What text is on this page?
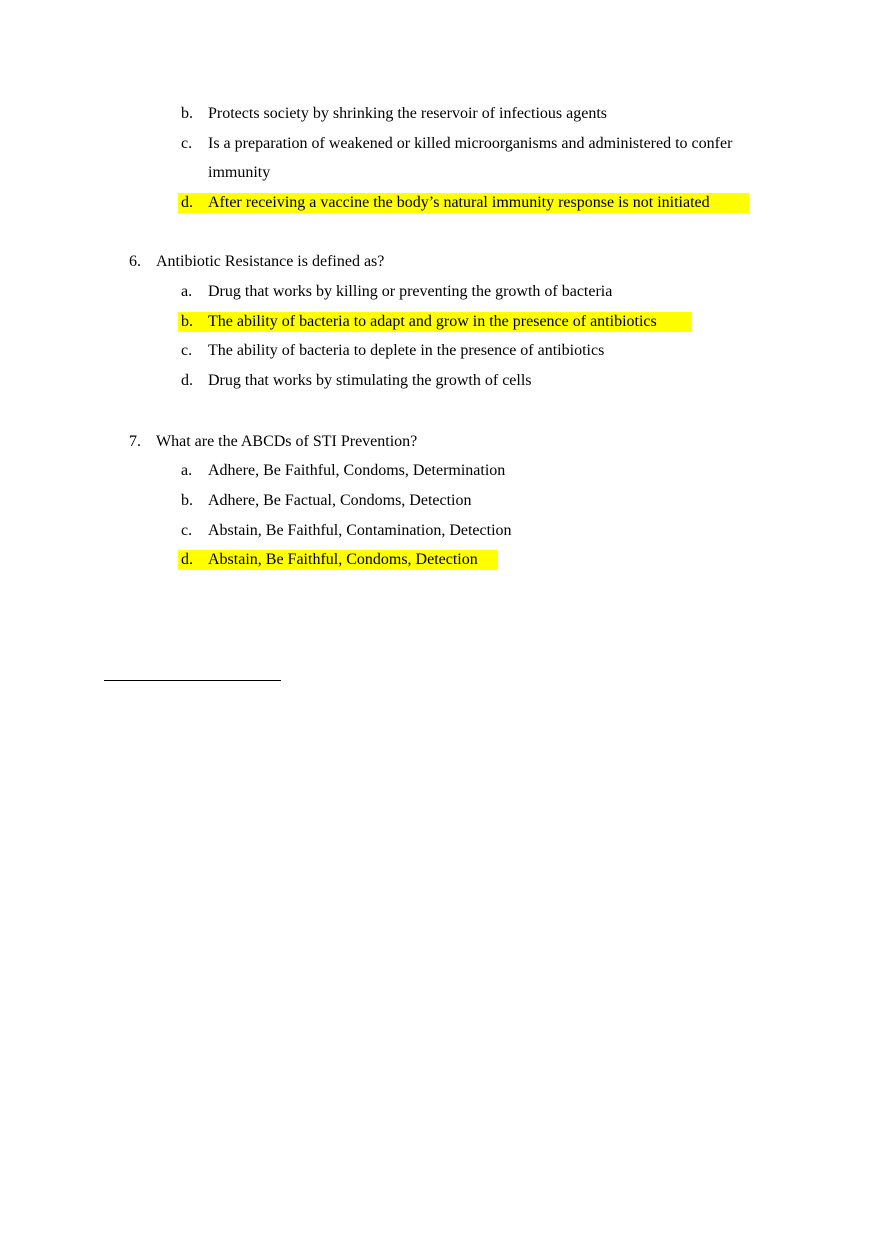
b. Protects society by shrinking the reservoir of infectious agents
c. Is a preparation of weakened or killed microorganisms and administered to confer
immunity
d. After receiving a vaccine the body’s natural immunity response is not initiated
6. Antibiotic Resistance is defined as?
a. Drug that works by killing or preventing the growth of bacteria
b. The ability of bacteria to adapt and grow in the presence of antibiotics
c. The ability of bacteria to deplete in the presence of antibiotics
d. Drug that works by stimulating the growth of cells
7. What are the ABCDs of STI Prevention?
a. Adhere, Be Faithful, Condoms, Determination
b. Adhere, Be Factual, Condoms, Detection
c. Abstain, Be Faithful, Contamination, Detection
d. Abstain, Be Faithful, Condoms, Detection
